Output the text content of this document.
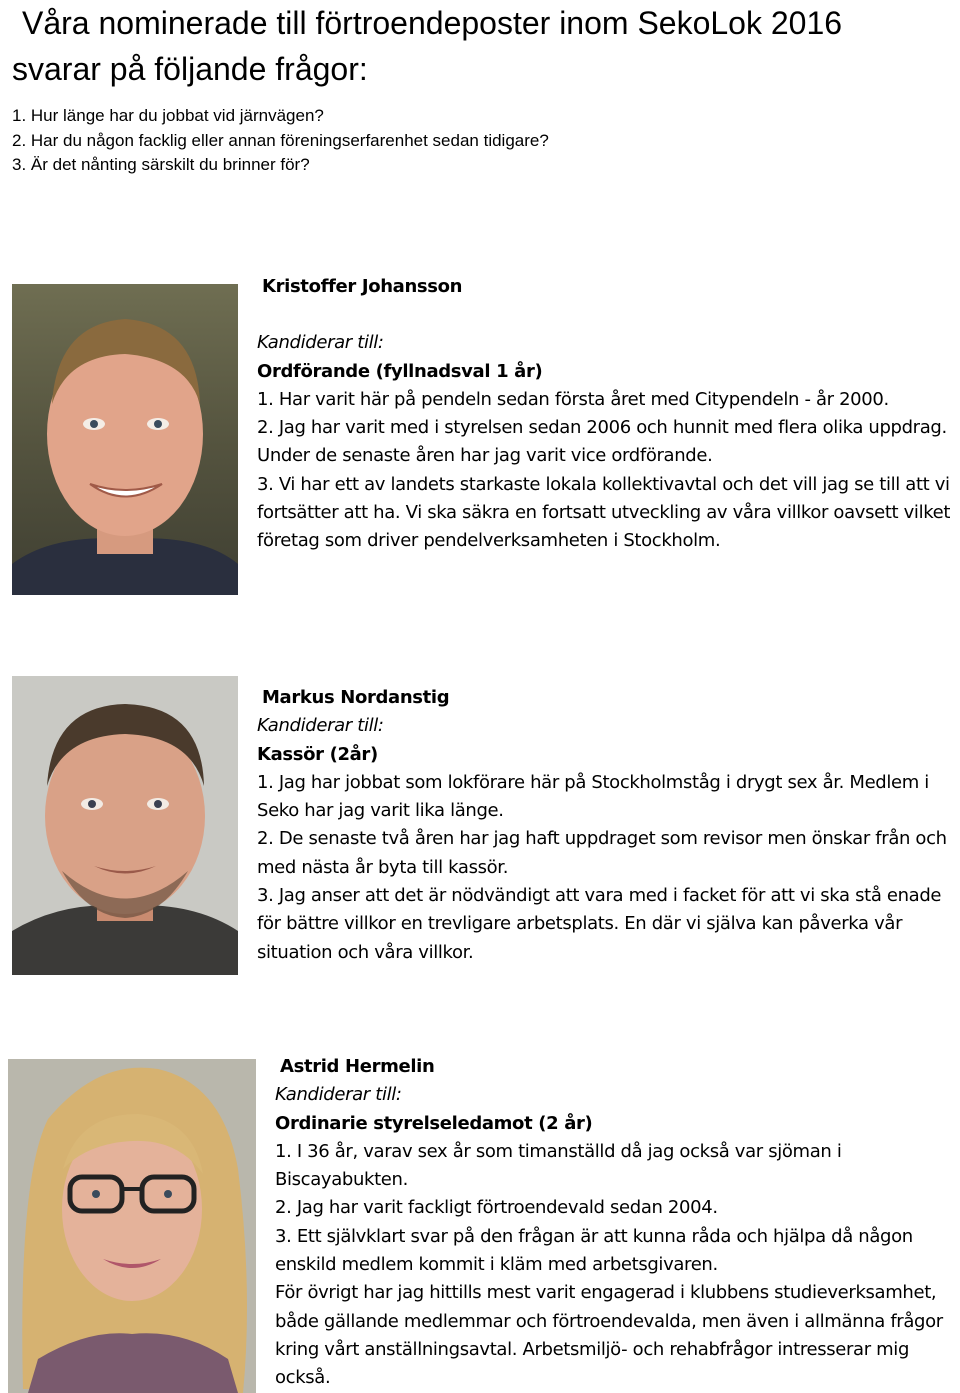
Våra nominerade till förtroendeposter inom SekoLok 2016
svarar på följande frågor:
1. Hur länge har du jobbat vid järnvägen?
2. Har du någon facklig eller annan föreningserfarenhet sedan tidigare?
3. Är det nånting särskilt du brinner för?

Kristoffer Johansson

Kandiderar till:

Ordförande (fyllnadsval 1 år)

1. Har varit här på pendeln sedan första året med Citypendeln - år 2000.

2. Jag har varit med i styrelsen sedan 2006 och hunnit med flera olika uppdrag. Under de senaste åren har jag varit vice ordförande.

3. Vi har ett av landets starkaste lokala kollektivavtal och det vill jag se till att vi fortsätter att ha. Vi ska säkra en fortsatt utveckling av våra villkor oavsett vilket företag som driver pendelverksamheten i Stockholm.

Markus Nordanstig

Kandiderar till:

Kassör (2år)

1. Jag har jobbat som lokförare här på Stockholmståg i drygt sex år. Medlem i Seko har jag varit lika länge.

2. De senaste två åren har jag haft uppdraget som revisor men önskar från och med nästa år byta till kassör.

3. Jag anser att det är nödvändigt att vara med i facket för att vi ska stå enade för bättre villkor en trevligare arbetsplats. En där vi själva kan påverka vår situation och våra villkor.

Astrid Hermelin

Kandiderar till:

Ordinarie styrelseledamot (2 år)

1. I 36 år, varav sex år som timanställd då jag också var sjöman i Biscayabukten.

2. Jag har varit fackligt förtroendevald sedan 2004.

3. Ett självklart svar på den frågan är att kunna råda och hjälpa då någon enskild medlem kommit i kläm med arbetsgivaren.

För övrigt har jag hittills mest varit engagerad i klubbens studieverksamhet, både gällande medlemmar och förtroendevalda, men även i allmänna frågor kring vårt anställningsavtal. Arbetsmiljö- och rehabfrågor intresserar mig också.
